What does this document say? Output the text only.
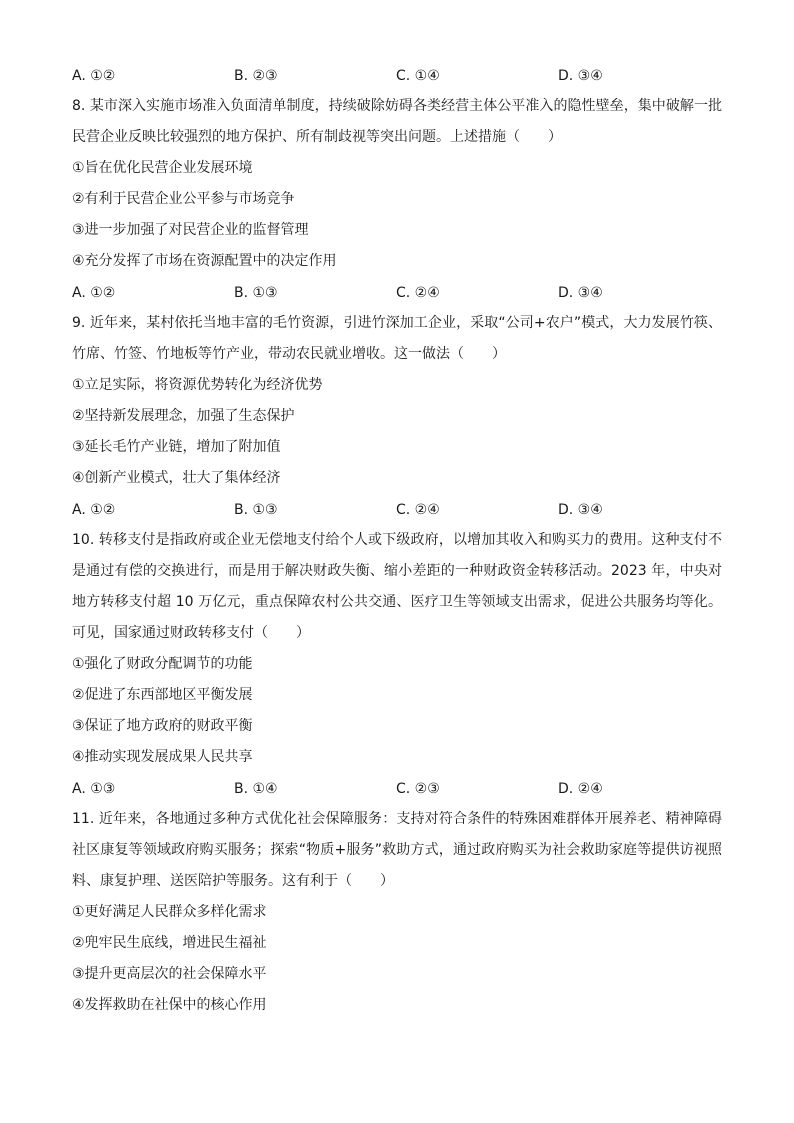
A. ①②	B. ②③	C. ①④	D. ③④

8. 某市深入实施市场准入负面清单制度，持续破除妨碍各类经营主体公平准入的隐性壁垒，集中破解一批民营企业反映比较强烈的地方保护、所有制歧视等突出问题。上述措施（　　）

①旨在优化民营企业发展环境

②有利于民营企业公平参与市场竞争

③进一步加强了对民营企业的监督管理

④充分发挥了市场在资源配置中的决定作用

A. ①②	B. ①③	C. ②④	D. ③④

9. 近年来，某村依托当地丰富的毛竹资源，引进竹深加工企业，采取“公司+农户”模式，大力发展竹筷、竹席、竹签、竹地板等竹产业，带动农民就业增收。这一做法（　　）

①立足实际，将资源优势转化为经济优势

②坚持新发展理念，加强了生态保护

③延长毛竹产业链，增加了附加值

④创新产业模式，壮大了集体经济

A. ①②	B. ①③	C. ②④	D. ③④

10. 转移支付是指政府或企业无偿地支付给个人或下级政府，以增加其收入和购买力的费用。这种支付不是通过有偿的交换进行，而是用于解决财政失衡、缩小差距的一种财政资金转移活动。2023 年，中央对地方转移支付超 10 万亿元，重点保障农村公共交通、医疗卫生等领域支出需求，促进公共服务均等化。可见，国家通过财政转移支付（　　）

①强化了财政分配调节的功能

②促进了东西部地区平衡发展

③保证了地方政府的财政平衡

④推动实现发展成果人民共享

A. ①③	B. ①④	C. ②③	D. ②④

11. 近年来，各地通过多种方式优化社会保障服务：支持对符合条件的特殊困难群体开展养老、精神障碍社区康复等领域政府购买服务；探索“物质+服务”救助方式，通过政府购买为社会救助家庭等提供访视照料、康复护理、送医陪护等服务。这有利于（　　）

①更好满足人民群众多样化需求

②兜牢民生底线，增进民生福祉

③提升更高层次的社会保障水平

④发挥救助在社保中的核心作用
